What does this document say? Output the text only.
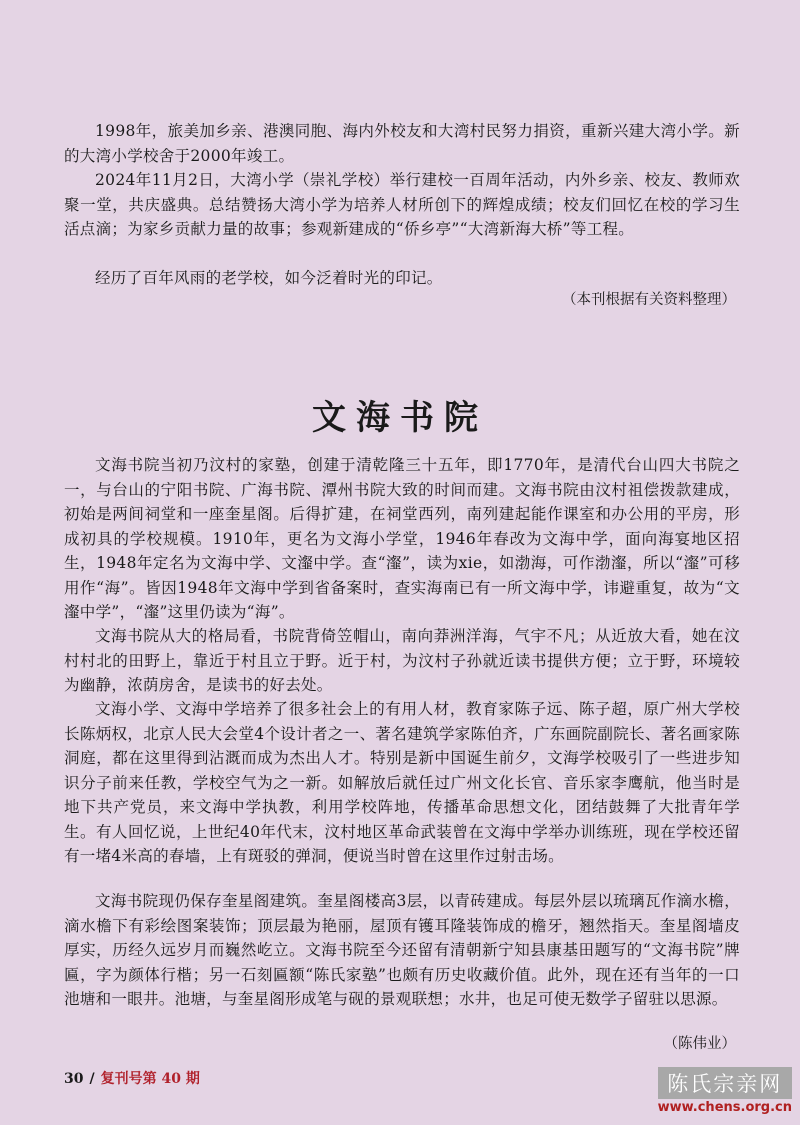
1998年，旅美加乡亲、港澳同胞、海内外校友和大湾村民努力捐资，重新兴建大湾小学。新的大湾小学校舍于2000年竣工。

2024年11月2日，大湾小学（崇礼学校）举行建校一百周年活动，内外乡亲、校友、教师欢聚一堂，共庆盛典。总结赞扬大湾小学为培养人材所创下的辉煌成绩；校友们回忆在校的学习生活点滴；为家乡贡献力量的故事；参观新建成的“侨乡亭”“大湾新海大桥”等工程。

经历了百年风雨的老学校，如今泛着时光的印记。

（本刊根据有关资料整理）

文海书院

文海书院当初乃汶村的家塾，创建于清乾隆三十五年，即1770年，是清代台山四大书院之一，与台山的宁阳书院、广海书院、潭州书院大致的时间而建。文海书院由汶村祖偿拨款建成，初始是两间祠堂和一座奎星阁。后得扩建，在祠堂西列，南列建起能作课室和办公用的平房，形成初具的学校规模。1910年，更名为文海小学堂，1946年春改为文海中学，面向海宴地区招生，1948年定名为文海中学、文瀣中学。查“瀣”，读为xie，如渤海，可作渤瀣，所以“瀣”可移用作“海”。皆因1948年文海中学到省备案时，查实海南已有一所文海中学，讳避重复，故为“文瀣中学”，“瀣”这里仍读为“海”。

文海书院从大的格局看，书院背倚笠帽山，南向莽洲洋海，气宇不凡；从近放大看，她在汶村村北的田野上，靠近于村且立于野。近于村，为汶村子孙就近读书提供方便；立于野，环境较为幽静，浓荫房舍，是读书的好去处。

文海小学、文海中学培养了很多社会上的有用人材，教育家陈子远、陈子超，原广州大学校长陈炳权，北京人民大会堂4个设计者之一、著名建筑学家陈伯齐，广东画院副院长、著名画家陈洞庭，都在这里得到沾溉而成为杰出人才。特别是新中国诞生前夕，文海学校吸引了一些进步知识分子前来任教，学校空气为之一新。如解放后就任过广州文化长官、音乐家李鹰航，他当时是地下共产党员，来文海中学执教，利用学校阵地，传播革命思想文化，团结鼓舞了大批青年学生。有人回忆说，上世纪40年代末，汶村地区革命武装曾在文海中学举办训练班，现在学校还留有一堵4米高的春墙，上有斑驳的弹洞，便说当时曾在这里作过射击场。

文海书院现仍保存奎星阁建筑。奎星阁楼高3层，以青砖建成。每层外层以琉璃瓦作滴水檐，滴水檐下有彩绘图案装饰；顶层最为艳丽，屋顶有镬耳隆装饰成的檐牙，翘然指天。奎星阁墙皮厚实，历经久远岁月而巍然屹立。文海书院至今还留有清朝新宁知县康基田题写的“文海书院”牌匾，字为颜体行楷；另一石刻匾额“陈氏家塾”也颇有历史收藏价值。此外，现在还有当年的一口池塘和一眼井。池塘，与奎星阁形成笔与砚的景观联想；水井，也足可使无数学子留驻以思源。

（陈伟业）

30 / 复刊号第 40 期	陈氏宗亲网
www.chens.org.cn
